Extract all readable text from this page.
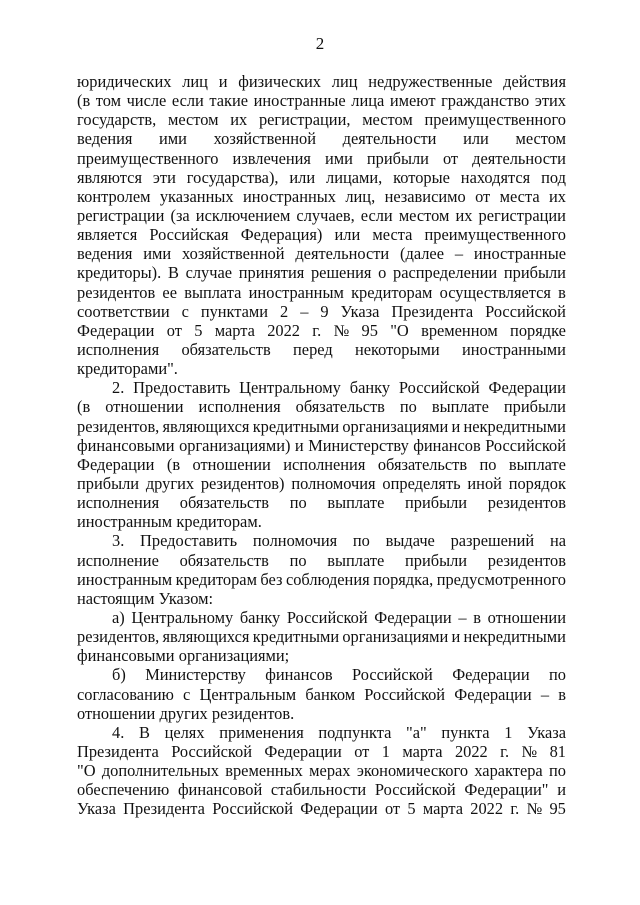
2
юридических лиц и физических лиц недружественные действия
(в том числе если такие иностранные лица имеют гражданство этих
государств, местом их регистрации, местом преимущественного
ведения ими хозяйственной деятельности или местом
преимущественного извлечения ими прибыли от деятельности
являются эти государства), или лицами, которые находятся под
контролем указанных иностранных лиц, независимо от места их
регистрации (за исключением случаев, если местом их регистрации
является Российская Федерация) или места преимущественного
ведения ими хозяйственной деятельности (далее – иностранные
кредиторы). В случае принятия решения о распределении прибыли
резидентов ее выплата иностранным кредиторам осуществляется в
соответствии с пунктами 2 – 9 Указа Президента Российской
Федерации от 5 марта 2022 г. № 95 "О временном порядке
исполнения обязательств перед некоторыми иностранными
кредиторами".
2. Предоставить Центральному банку Российской Федерации
(в отношении исполнения обязательств по выплате прибыли
резидентов, являющихся кредитными организациями и некредитными
финансовыми организациями) и Министерству финансов Российской
Федерации (в отношении исполнения обязательств по выплате
прибыли других резидентов) полномочия определять иной порядок
исполнения обязательств по выплате прибыли резидентов
иностранным кредиторам.
3. Предоставить полномочия по выдаче разрешений на
исполнение обязательств по выплате прибыли резидентов
иностранным кредиторам без соблюдения порядка, предусмотренного
настоящим Указом:
а) Центральному банку Российской Федерации – в отношении
резидентов, являющихся кредитными организациями и некредитными
финансовыми организациями;
б) Министерству финансов Российской Федерации по
согласованию с Центральным банком Российской Федерации – в
отношении других резидентов.
4. В целях применения подпункта "а" пункта 1 Указа
Президента Российской Федерации от 1 марта 2022 г. № 81
"О дополнительных временных мерах экономического характера по
обеспечению финансовой стабильности Российской Федерации" и
Указа Президента Российской Федерации от 5 марта 2022 г. № 95
